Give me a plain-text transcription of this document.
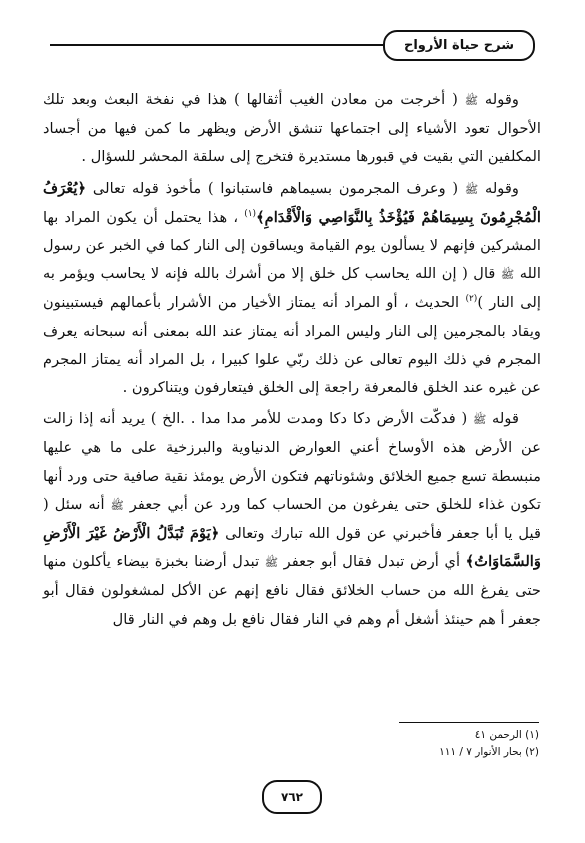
شرح حياة الأرواح

وقوله ﷺ ( أخرجت من معادن الغيب أثقالها ) هذا في نفخة البعث وبعد تلك الأحوال تعود الأشياء إلى اجتماعها تنشق الأرض ويظهر ما كمن فيها من أجساد المكلفين التي بقيت في قبورها مستديرة فتخرج إلى سلقة المحشر للسؤال .

وقوله ﷺ ( وعرف المجرمون بسيماهم فاستبانوا ) مأخوذ قوله تعالى ﴿يُعْرَفُ الْمُجْرِمُونَ بِسِيمَاهُمْ فَيُؤْخَذُ بِالنَّوَاصِي وَالْأَقْدَامِ﴾$^{(١)}$ ، هذا يحتمل أن يكون المراد بها المشركين فإنهم لا يسألون يوم القيامة ويساقون إلى النار كما في الخبر عن رسول الله ﷺ قال ( إن الله يحاسب كل خلق إلا من أشرك بالله فإنه لا يحاسب ويؤمر به إلى النار )$^{(٢)}$ الحديث ، أو المراد أنه يمتاز الأخيار من الأشرار بأعمالهم فيستبينون ويقاد بالمجرمين إلى النار وليس المراد أنه يمتاز عند الله بمعنى أنه سبحانه يعرف المجرم في ذلك اليوم تعالى عن ذلك ربّي علوا كبيرا ، بل المراد أنه يمتاز المجرم عن غيره عند الخلق فالمعرفة راجعة إلى الخلق فيتعارفون ويتناكرون .

قوله ﷺ ( فدكّت الأرض دكا دكا ومدت للأمر مدا مدا . .الخ ) يريد أنه إذا زالت عن الأرض هذه الأوساخ أعني العوارض الدنياوية والبرزخية على ما هي عليها منبسطة تسع جميع الخلائق وشئوناتهم فتكون الأرض يومئذ نقية صافية حتى ورد أنها تكون غذاء للخلق حتى يفرغون من الحساب كما ورد عن أبي جعفر ﷺ أنه سئل ( قيل يا أبا جعفر فأخبرني عن قول الله تبارك وتعالى ﴿يَوْمَ تُبَدَّلُ الْأَرْضُ غَيْرَ الْأَرْضِ وَالسَّمَاوَاتُ﴾ أي أرض تبدل فقال أبو جعفر ﷺ تبدل أرضنا بخبزة بيضاء يأكلون منها حتى يفرغ الله من حساب الخلائق فقال نافع إنهم عن الأكل لمشغولون فقال أبو جعفر أ هم حينئذ أشغل أم وهم في النار فقال نافع بل وهم في النار قال

(١) الرحمن ٤١
(٢) بحار الأنوار ٧ / ١١١
٧٦٢
